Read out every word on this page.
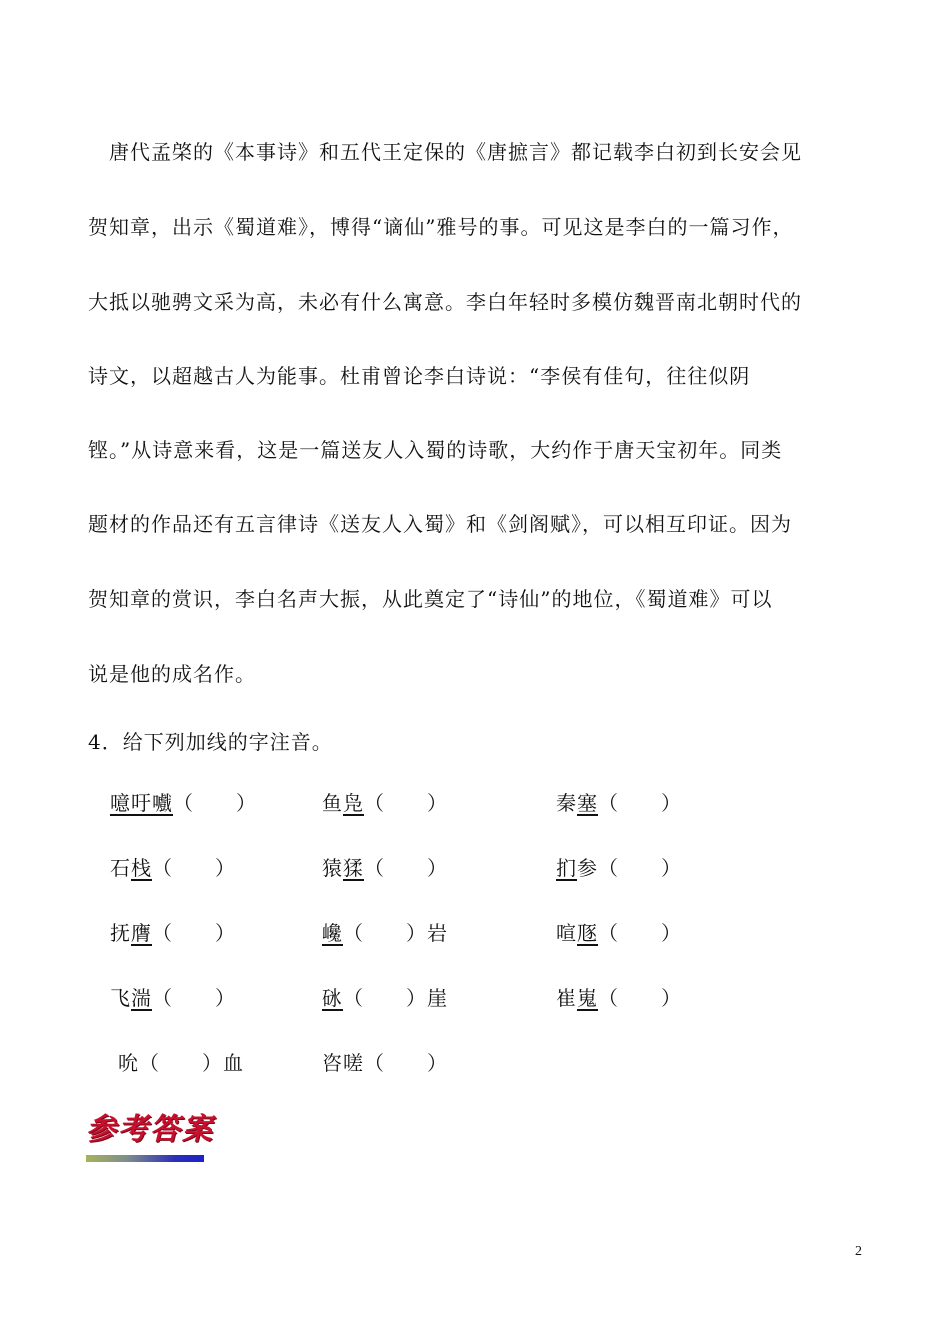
　唐代孟棨的《本事诗》和五代王定保的《唐摭言》都记载李白初到长安会见
贺知章，出示《蜀道难》，博得“谪仙”雅号的事。可见这是李白的一篇习作，
大抵以驰骋文采为高，未必有什么寓意。李白年轻时多模仿魏晋南北朝时代的
诗文，以超越古人为能事。杜甫曾论李白诗说：“李侯有佳句，往往似阴
铿。”从诗意来看，这是一篇送友人入蜀的诗歌，大约作于唐天宝初年。同类
题材的作品还有五言律诗《送友人入蜀》和《剑阁赋》，可以相互印证。因为
贺知章的赏识，李白名声大振，从此奠定了“诗仙”的地位，《蜀道难》可以
说是他的成名作。
4．给下列加线的字注音。
噫吁嚱（　　）	鱼凫（　　）	秦塞（　　）
石栈（　　）	猿猱（　　）	扪参（　　）
抚膺（　　）	巉（　　）岩	喧豗（　　）
飞湍（　　）	砯（　　）崖	崔嵬（　　）
吮（　　）血	咨嗟（　　）
参考答案
2
